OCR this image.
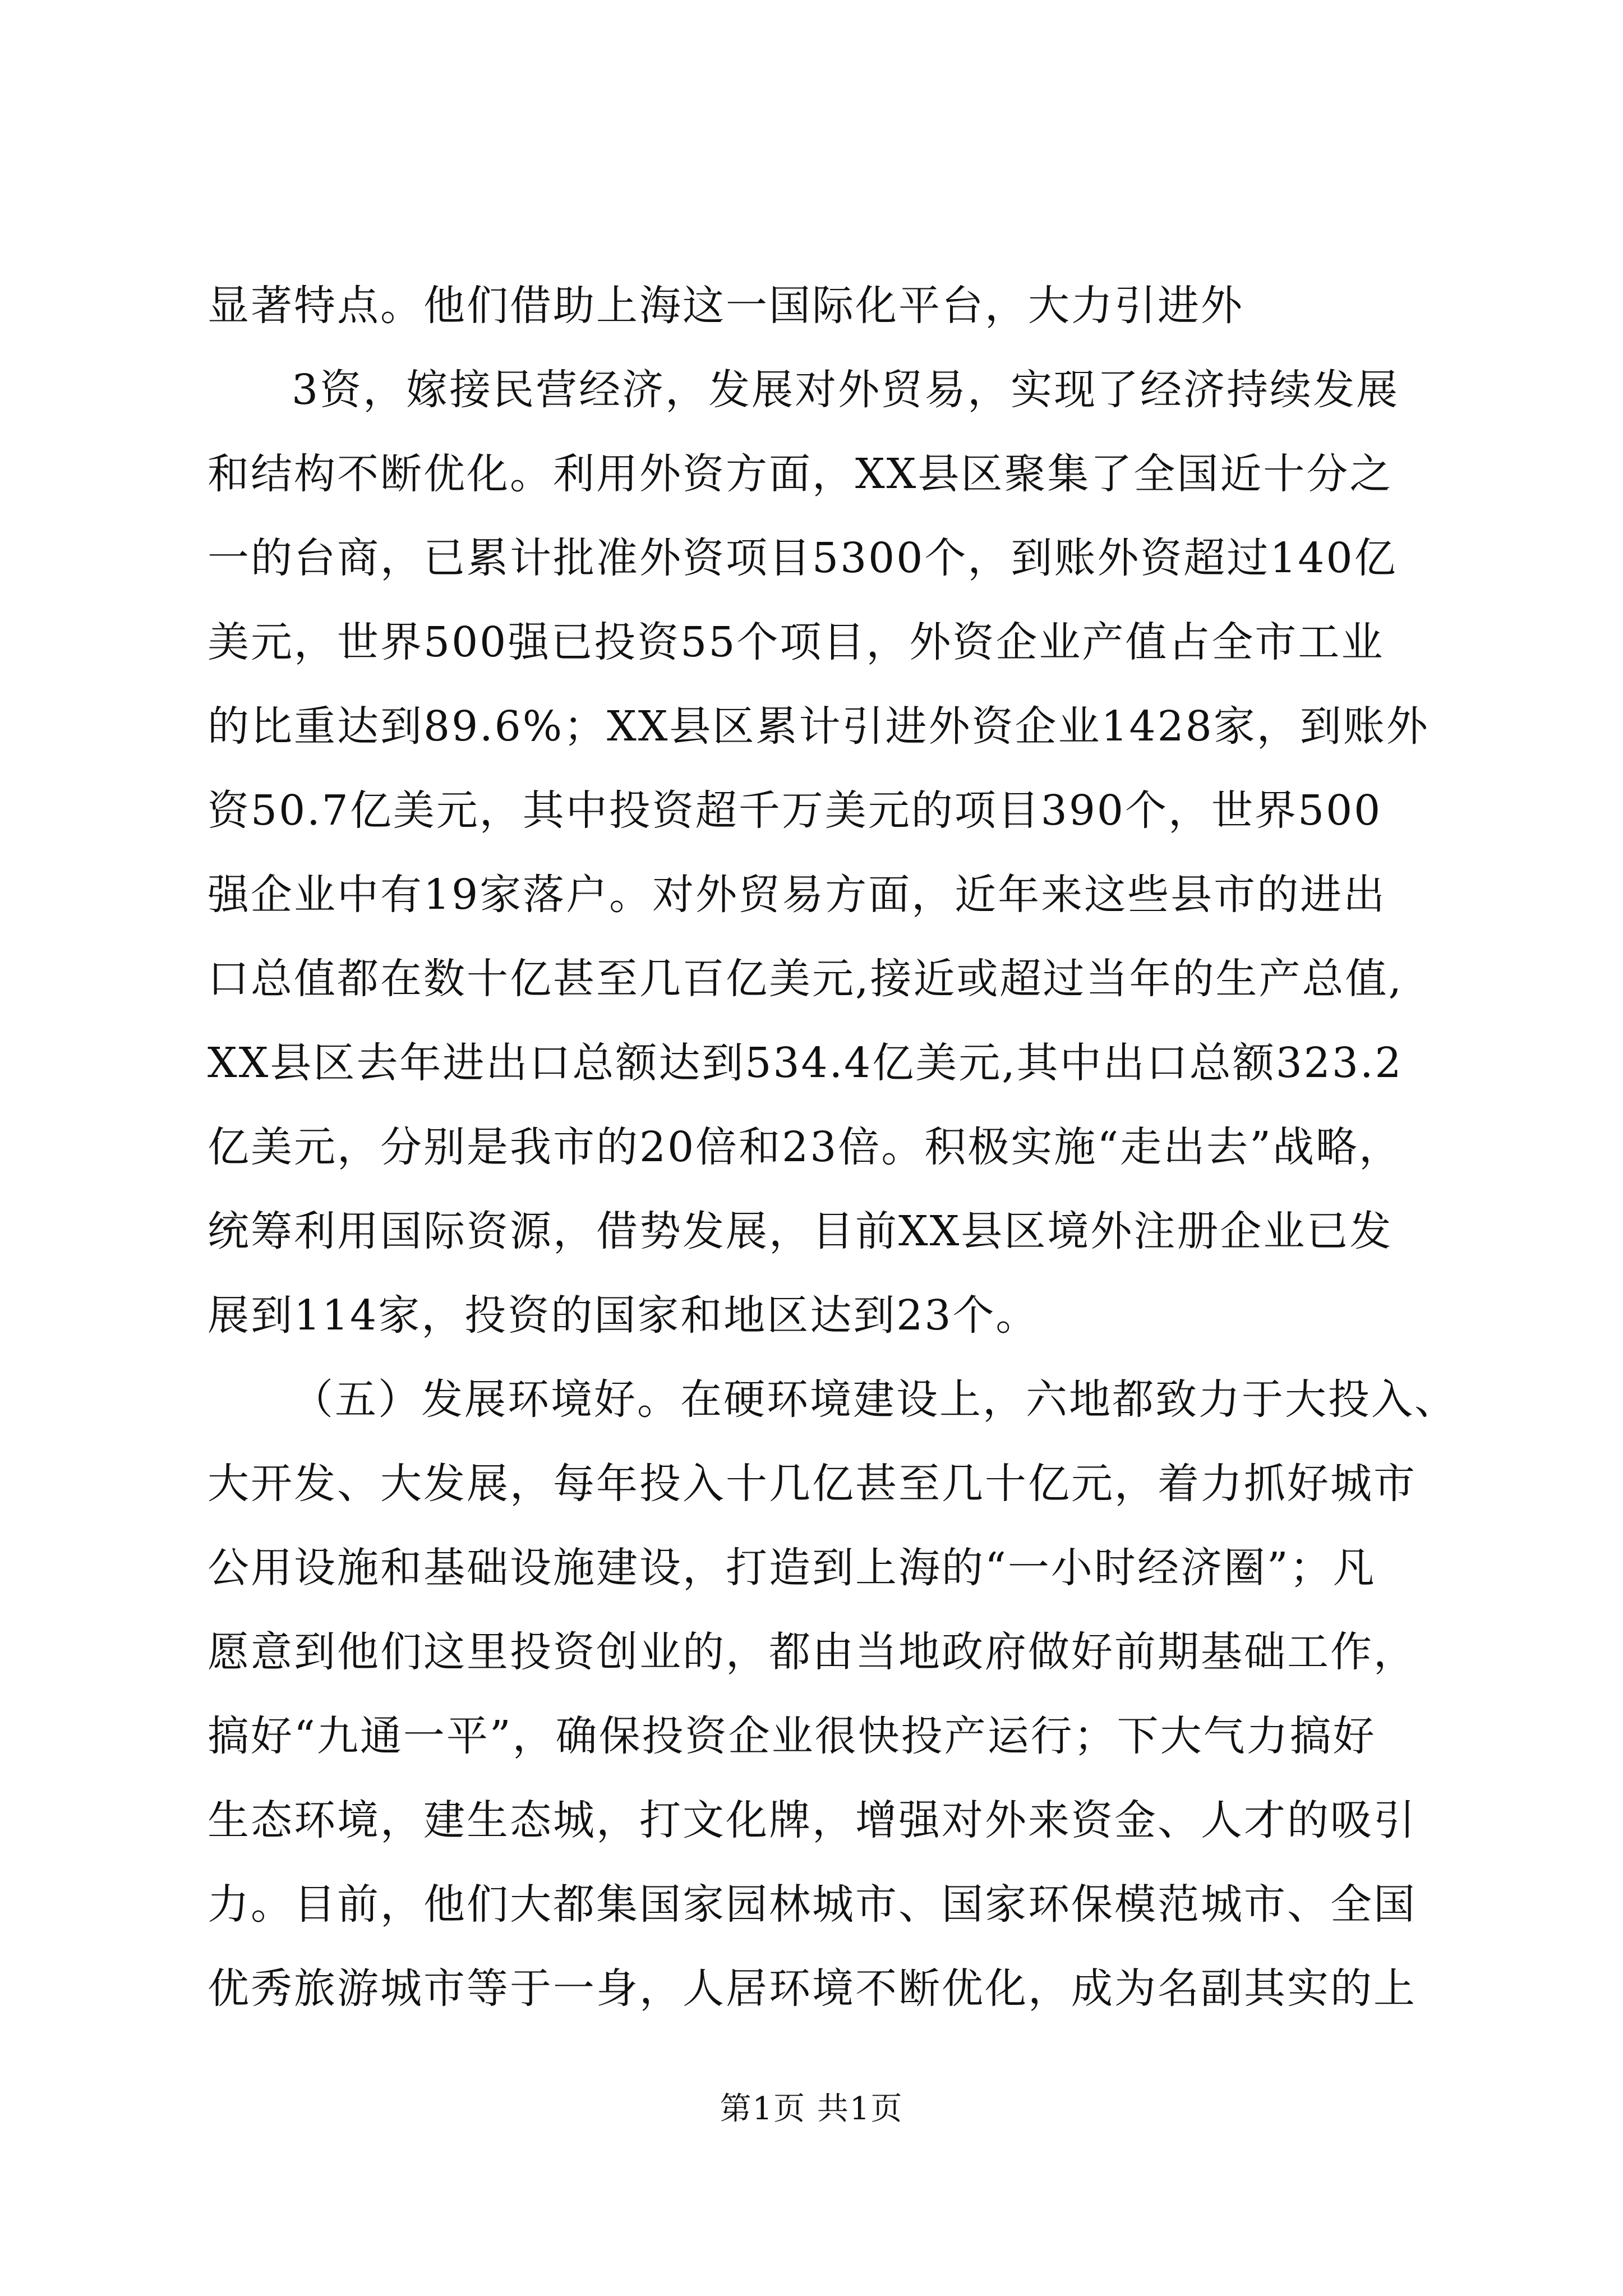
显著特点。他们借助上海这一国际化平台，大力引进外
3资，嫁接民营经济，发展对外贸易，实现了经济持续发展
和结构不断优化。利用外资方面，XX县区聚集了全国近十分之
一的台商，已累计批准外资项目5300个，到账外资超过140亿
美元，世界500强已投资55个项目，外资企业产值占全市工业
的比重达到89.6%；XX县区累计引进外资企业1428家，到账外
资50.7亿美元，其中投资超千万美元的项目390个，世界500
强企业中有19家落户。对外贸易方面，近年来这些县市的进出
口总值都在数十亿甚至几百亿美元,接近或超过当年的生产总值,
XX县区去年进出口总额达到534.4亿美元,其中出口总额323.2
亿美元，分别是我市的20倍和23倍。积极实施“走出去”战略，
统筹利用国际资源，借势发展，目前XX县区境外注册企业已发
展到114家，投资的国家和地区达到23个。
（五）发展环境好。在硬环境建设上，六地都致力于大投入、
大开发、大发展，每年投入十几亿甚至几十亿元，着力抓好城市
公用设施和基础设施建设，打造到上海的“一小时经济圈”；凡
愿意到他们这里投资创业的，都由当地政府做好前期基础工作，
搞好“九通一平”，确保投资企业很快投产运行；下大气力搞好
生态环境，建生态城，打文化牌，增强对外来资金、人才的吸引
力。目前，他们大都集国家园林城市、国家环保模范城市、全国
优秀旅游城市等于一身，人居环境不断优化，成为名副其实的上
第1页 共1页
